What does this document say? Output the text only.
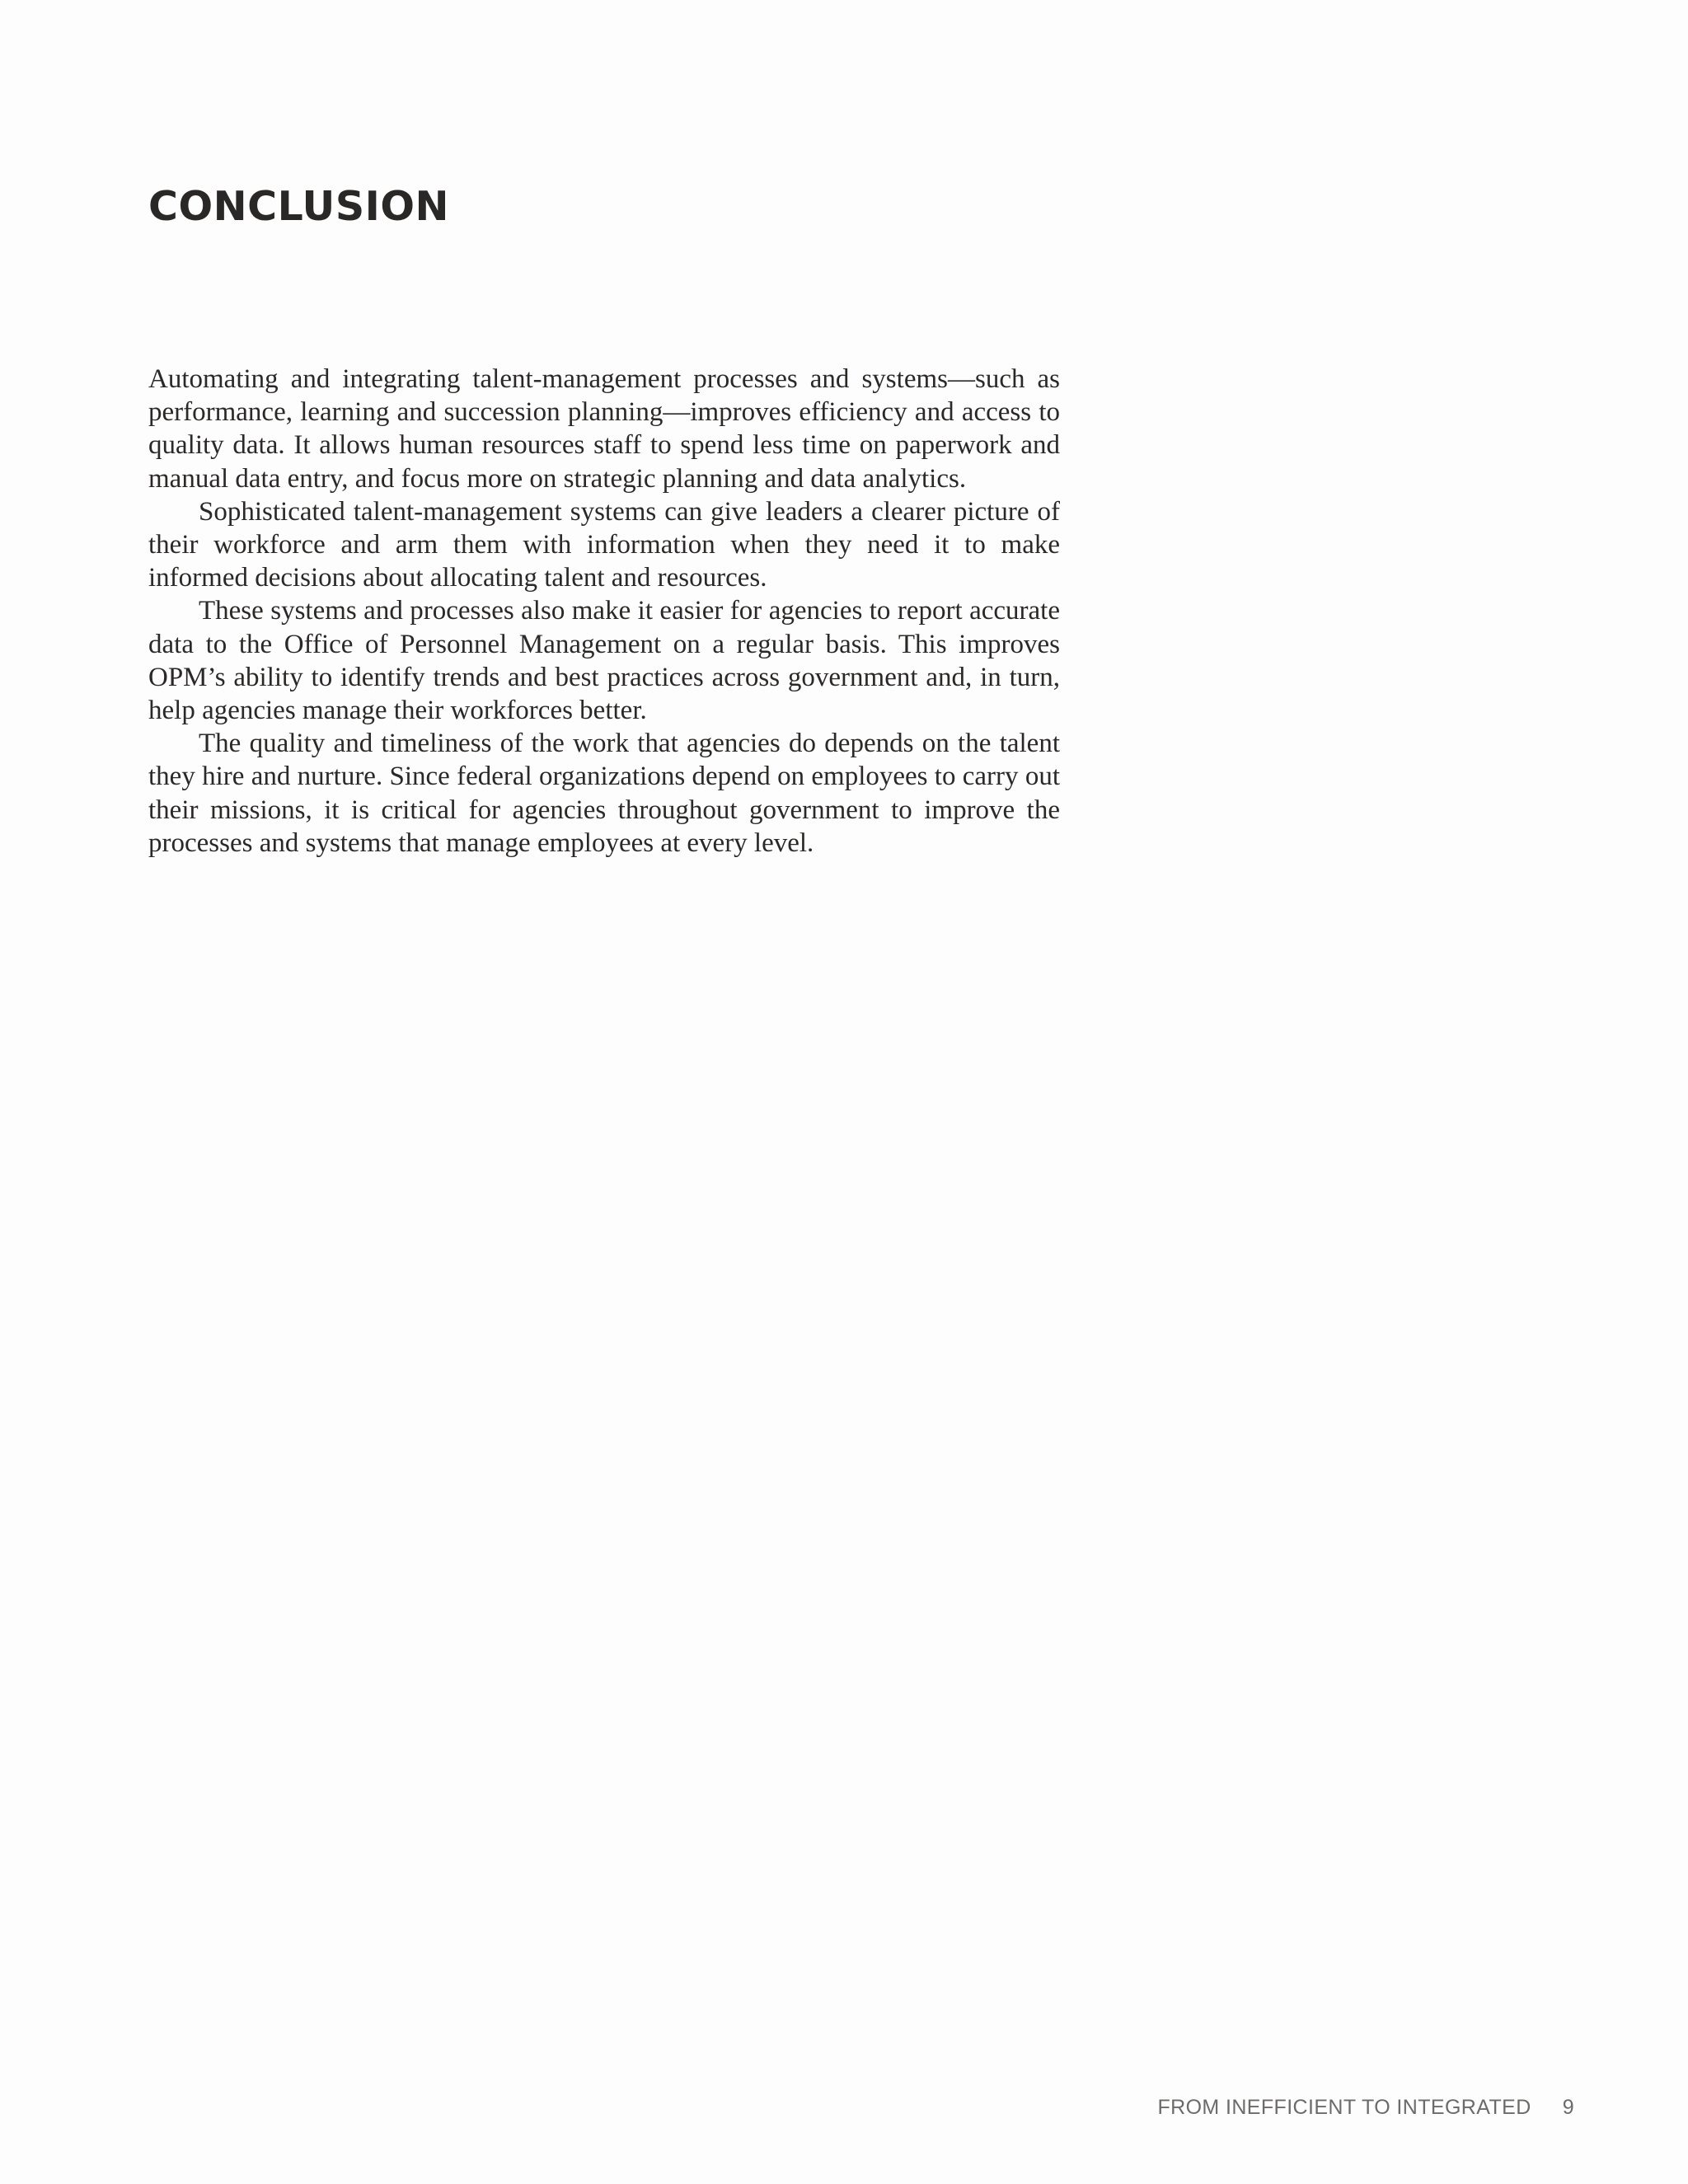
CONCLUSION

Automating and integrating talent-management processes and systems—such as performance, learning and succession planning—improves efficiency and access to quality data. It allows human resources staff to spend less time on paperwork and manual data entry, and focus more on strategic planning and data analytics.

Sophisticated talent-management systems can give leaders a clearer picture of their workforce and arm them with information when they need it to make informed decisions about allocating talent and resources.

These systems and processes also make it easier for agencies to report accurate data to the Office of Personnel Management on a regular basis. This improves OPM’s ability to identify trends and best practices across government and, in turn, help agencies manage their workforces better.

The quality and timeliness of the work that agencies do depends on the talent they hire and nurture. Since federal organizations depend on employees to carry out their missions, it is critical for agencies throughout government to improve the processes and systems that manage employees at every level.

FROM INEFFICIENT TO INTEGRATED 9
